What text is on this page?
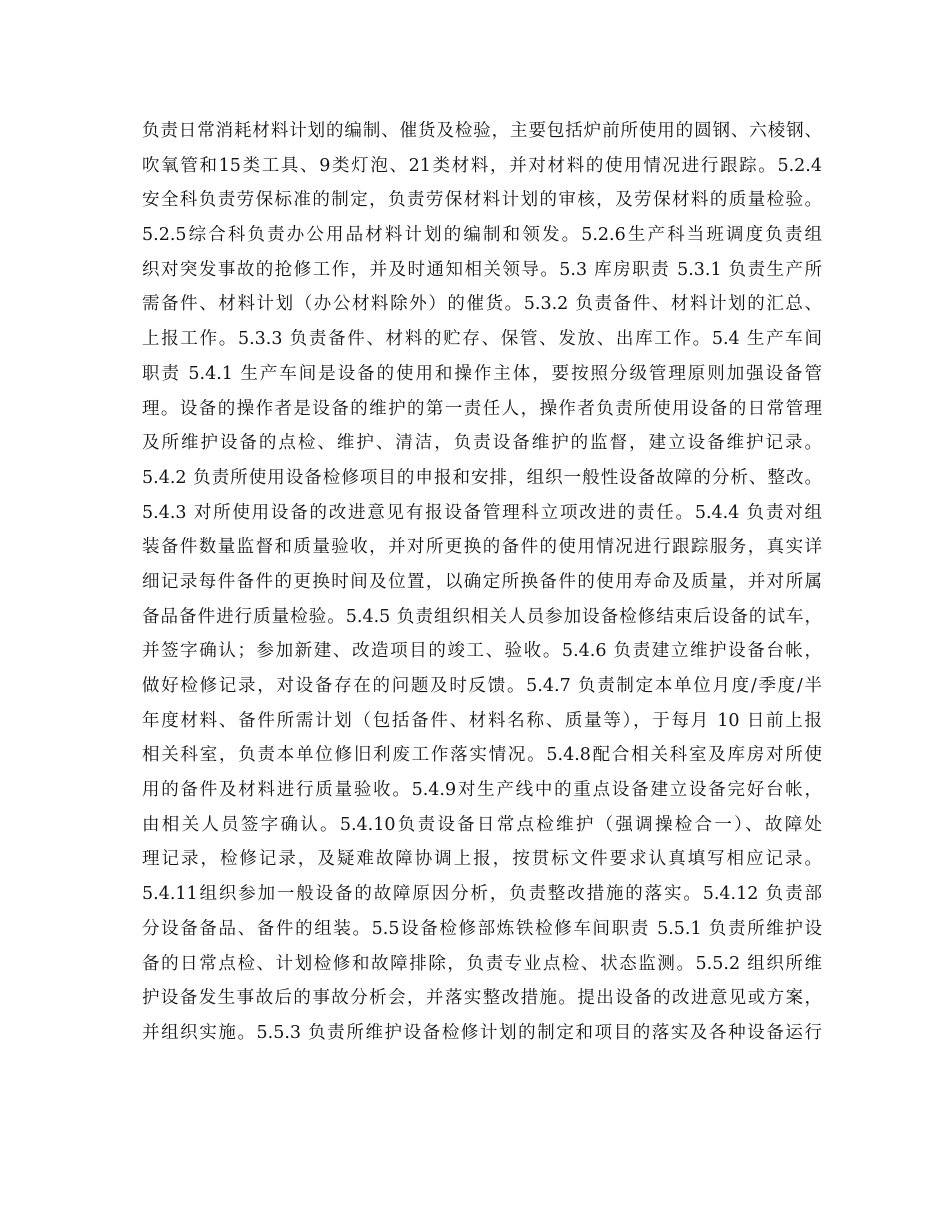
负责日常消耗材料计划的编制、催货及检验，主要包括炉前所使用的圆钢、六棱钢、
吹氧管和15类工具、9类灯泡、21类材料，并对材料的使用情况进行跟踪。5.2.4
安全科负责劳保标准的制定，负责劳保材料计划的审核，及劳保材料的质量检验。
5.2.5综合科负责办公用品材料计划的编制和领发。5.2.6生产科当班调度负责组
织对突发事故的抢修工作，并及时通知相关领导。5.3 库房职责 5.3.1 负责生产所
需备件、材料计划（办公材料除外）的催货。5.3.2 负责备件、材料计划的汇总、
上报工作。5.3.3 负责备件、材料的贮存、保管、发放、出库工作。5.4 生产车间
职责 5.4.1 生产车间是设备的使用和操作主体，要按照分级管理原则加强设备管
理。设备的操作者是设备的维护的第一责任人，操作者负责所使用设备的日常管理
及所维护设备的点检、维护、清洁，负责设备维护的监督，建立设备维护记录。
5.4.2 负责所使用设备检修项目的申报和安排，组织一般性设备故障的分析、整改。
5.4.3 对所使用设备的改进意见有报设备管理科立项改进的责任。5.4.4 负责对组
装备件数量监督和质量验收，并对所更换的备件的使用情况进行跟踪服务，真实详
细记录每件备件的更换时间及位置，以确定所换备件的使用寿命及质量，并对所属
备品备件进行质量检验。5.4.5 负责组织相关人员参加设备检修结束后设备的试车，
并签字确认；参加新建、改造项目的竣工、验收。5.4.6 负责建立维护设备台帐，
做好检修记录，对设备存在的问题及时反馈。5.4.7 负责制定本单位月度/季度/半
年度材料、备件所需计划（包括备件、材料名称、质量等），于每月 10 日前上报
相关科室，负责本单位修旧利废工作落实情况。5.4.8配合相关科室及库房对所使
用的备件及材料进行质量验收。5.4.9对生产线中的重点设备建立设备完好台帐，
由相关人员签字确认。5.4.10负责设备日常点检维护（强调操检合一）、故障处
理记录，检修记录，及疑难故障协调上报，按贯标文件要求认真填写相应记录。
5.4.11组织参加一般设备的故障原因分析，负责整改措施的落实。5.4.12 负责部
分设备备品、备件的组装。5.5设备检修部炼铁检修车间职责 5.5.1 负责所维护设
备的日常点检、计划检修和故障排除，负责专业点检、状态监测。5.5.2 组织所维
护设备发生事故后的事故分析会，并落实整改措施。提出设备的改进意见或方案，
并组织实施。5.5.3 负责所维护设备检修计划的制定和项目的落实及各种设备运行
